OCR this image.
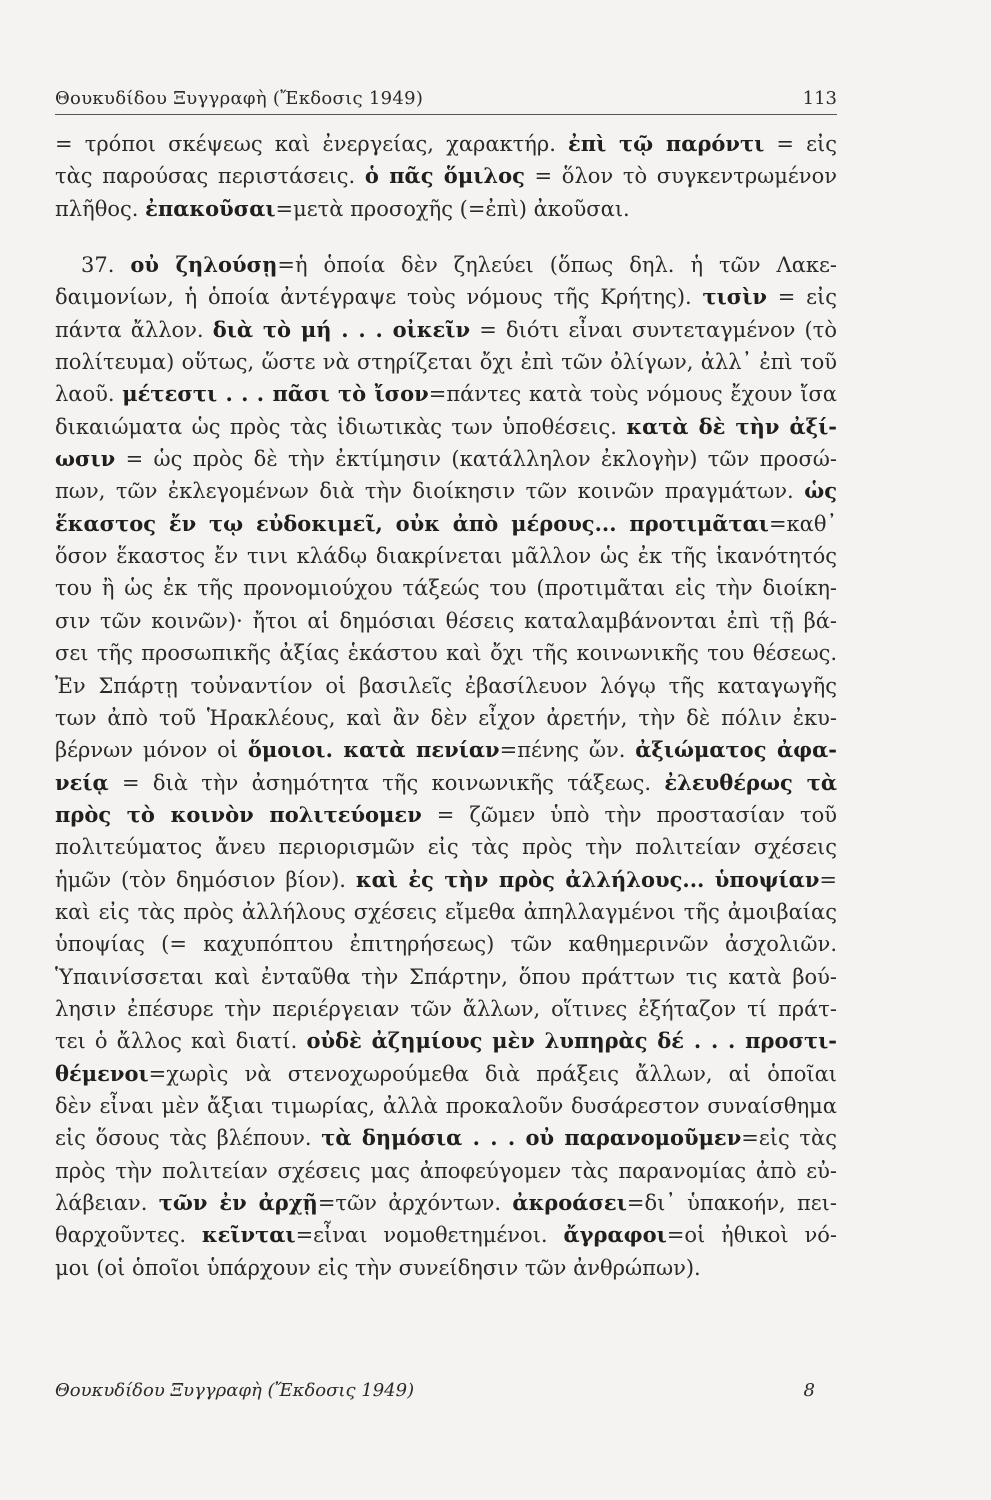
Θουκυδίδου Ξυγγραφὴ (Ἔκδοσις 1949)	113
= τρόποι σκέψεως καὶ ἐνεργείας, χαρακτήρ. ἐπὶ τῷ παρόντι = εἰς
τὰς παρούσας περιστάσεις. ὁ πᾶς ὅμιλος = ὅλον τὸ συγκεντρωμένον
πλῆθος. ἐπακοῦσαι=μετὰ προσοχῆς (=ἐπὶ) ἀκοῦσαι.
37. οὐ ζηλούσῃ=ἡ ὁποία δὲν ζηλεύει (ὅπως δηλ. ἡ τῶν Λακε-
δαιμονίων, ἡ ὁποία ἀντέγραψε τοὺς νόμους τῆς Κρήτης). τισὶν = εἰς
πάντα ἄλλον. διὰ τὸ μή . . . οἰκεῖν = διότι εἶναι συντεταγμένον (τὸ
πολίτευμα) οὕτως, ὥστε νὰ στηρίζεται ὄχι ἐπὶ τῶν ὀλίγων, ἀλλ᾽ ἐπὶ τοῦ
λαοῦ. μέτεστι . . . πᾶσι τὸ ἴσον=πάντες κατὰ τοὺς νόμους ἔχουν ἴσα
δικαιώματα ὡς πρὸς τὰς ἰδιωτικὰς των ὑποθέσεις. κατὰ δὲ τὴν ἀξί-
ωσιν = ὡς πρὸς δὲ τὴν ἐκτίμησιν (κατάλληλον ἐκλογὴν) τῶν προσώ-
πων, τῶν ἐκλεγομένων διὰ τὴν διοίκησιν τῶν κοινῶν πραγμάτων. ὡς
ἕκαστος ἔν τῳ εὐδοκιμεῖ, οὐκ ἀπὸ μέρους... προτιμᾶται=καθ᾽
ὅσον ἕκαστος ἔν τινι κλάδῳ διακρίνεται μᾶλλον ὡς ἐκ τῆς ἱκανότητός
του ἢ ὡς ἐκ τῆς προνομιούχου τάξεώς του (προτιμᾶται εἰς τὴν διοίκη-
σιν τῶν κοινῶν)· ἤτοι αἱ δημόσιαι θέσεις καταλαμβάνονται ἐπὶ τῇ βά-
σει τῆς προσωπικῆς ἀξίας ἑκάστου καὶ ὄχι τῆς κοινωνικῆς του θέσεως.
Ἐν Σπάρτῃ τοὐναντίον οἱ βασιλεῖς ἐβασίλευον λόγῳ τῆς καταγωγῆς
των ἀπὸ τοῦ Ἡρακλέους, καὶ ἂν δὲν εἶχον ἀρετήν, τὴν δὲ πόλιν ἐκυ-
βέρνων μόνον οἱ ὅμοιοι. κατὰ πενίαν=πένης ὤν. ἀξιώματος ἀφα-
νείᾳ = διὰ τὴν ἀσημότητα τῆς κοινωνικῆς τάξεως. ἐλευθέρως τὰ
πρὸς τὸ κοινὸν πολιτεύομεν = ζῶμεν ὑπὸ τὴν προστασίαν τοῦ
πολιτεύματος ἄνευ περιορισμῶν εἰς τὰς πρὸς τὴν πολιτείαν σχέσεις
ἡμῶν (τὸν δημόσιον βίον). καὶ ἐς τὴν πρὸς ἀλλήλους... ὑποψίαν=
καὶ εἰς τὰς πρὸς ἀλλήλους σχέσεις εἴμεθα ἀπηλλαγμένοι τῆς ἀμοιβαίας
ὑποψίας (= καχυπόπτου ἐπιτηρήσεως) τῶν καθημερινῶν ἀσχολιῶν.
Ὑπαινίσσεται καὶ ἐνταῦθα τὴν Σπάρτην, ὅπου πράττων τις κατὰ βού-
λησιν ἐπέσυρε τὴν περιέργειαν τῶν ἄλλων, οἵτινες ἐξήταζον τί πράτ-
τει ὁ ἄλλος καὶ διατί. οὐδὲ ἀζημίους μὲν λυπηρὰς δέ . . . προστι-
θέμενοι=χωρὶς νὰ στενοχωρούμεθα διὰ πράξεις ἄλλων, αἱ ὁποῖαι
δὲν εἶναι μὲν ἄξιαι τιμωρίας, ἀλλὰ προκαλοῦν δυσάρεστον συναίσθημα
εἰς ὅσους τὰς βλέπουν. τὰ δημόσια . . . οὐ παρανομοῦμεν=εἰς τὰς
πρὸς τὴν πολιτείαν σχέσεις μας ἀποφεύγομεν τὰς παρανομίας ἀπὸ εὐ-
λάβειαν. τῶν ἐν ἀρχῇ=τῶν ἀρχόντων. ἀκροάσει=δι᾽ ὑπακοήν, πει-
θαρχοῦντες. κεῖνται=εἶναι νομοθετημένοι. ἄγραφοι=οἱ ἠθικοὶ νό-
μοι (οἱ ὁποῖοι ὑπάρχουν εἰς τὴν συνείδησιν τῶν ἀνθρώπων).
Θουκυδίδου Ξυγγραφὴ (Ἔκδοσις 1949)	8
